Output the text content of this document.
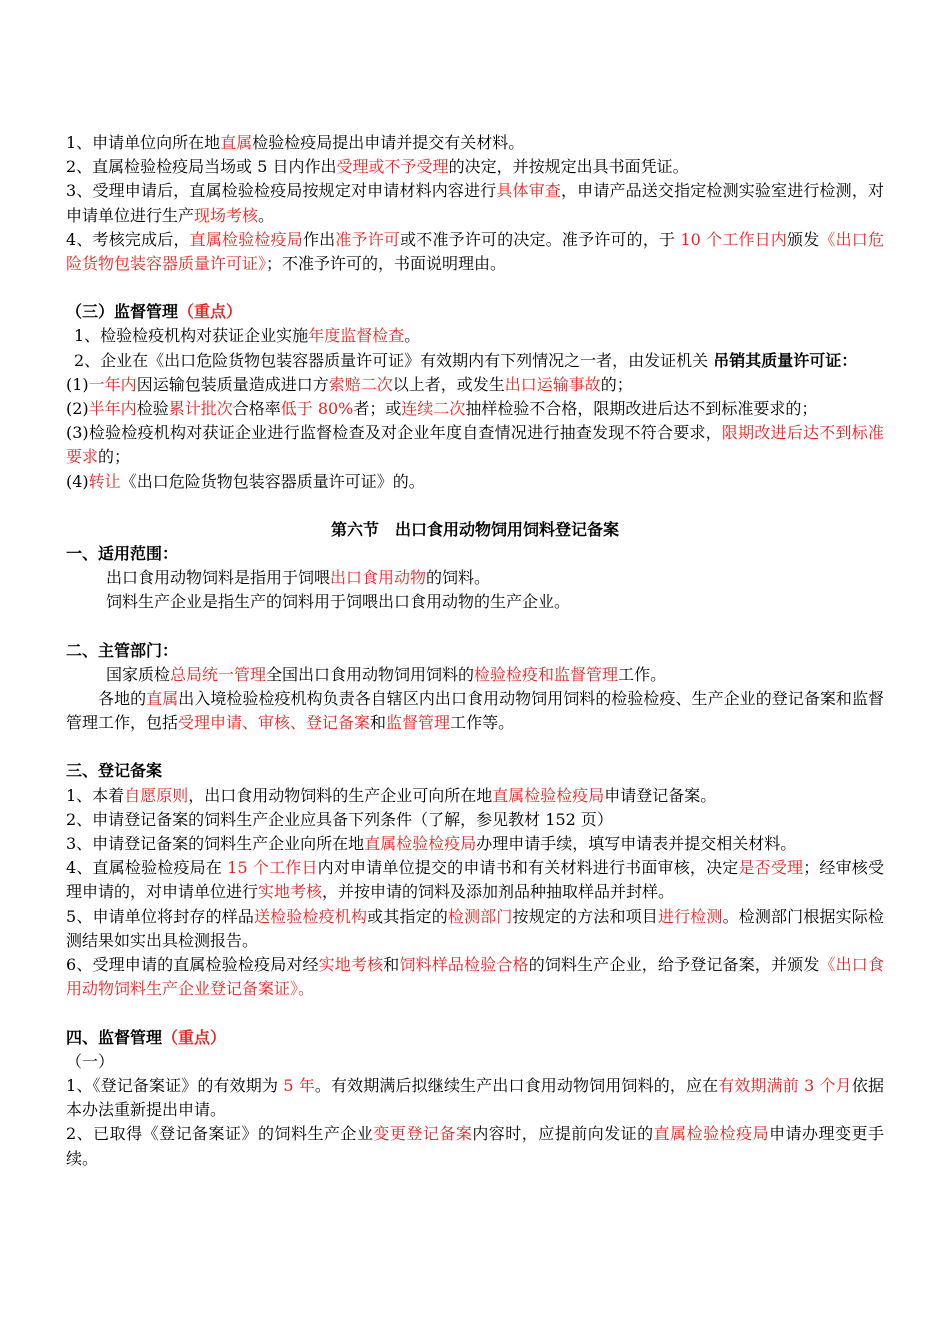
1、申请单位向所在地直属检验检疫局提出申请并提交有关材料。

2、直属检验检疫局当场或 5 日内作出受理或不予受理的决定，并按规定出具书面凭证。

3、受理申请后，直属检验检疫局按规定对申请材料内容进行具体审查，申请产品送交指定检测实验室进行检测，对申请单位进行生产现场考核。

4、考核完成后，直属检验检疫局作出准予许可或不准予许可的决定。准予许可的，于 10 个工作日内颁发《出口危险货物包装容器质量许可证》；不准予许可的，书面说明理由。

（三）监督管理（重点）

1、检验检疫机构对获证企业实施年度监督检查。

2、企业在《出口危险货物包装容器质量许可证》有效期内有下列情况之一者，由发证机关 吊销其质量许可证：

(1)一年内因运输包装质量造成进口方索赔二次以上者，或发生出口运输事故的；

(2)半年内检验累计批次合格率低于 80%者；或连续二次抽样检验不合格，限期改进后达不到标准要求的；

(3)检验检疫机构对获证企业进行监督检查及对企业年度自查情况进行抽查发现不符合要求，限期改进后达不到标准要求的；

(4)转让《出口危险货物包装容器质量许可证》的。

第六节　出口食用动物饲用饲料登记备案

一、适用范围：

出口食用动物饲料是指用于饲喂出口食用动物的饲料。

饲料生产企业是指生产的饲料用于饲喂出口食用动物的生产企业。

二、主管部门：

国家质检总局统一管理全国出口食用动物饲用饲料的检验检疫和监督管理工作。

　　各地的直属出入境检验检疫机构负责各自辖区内出口食用动物饲用饲料的检验检疫、生产企业的登记备案和监督管理工作，包括受理申请、审核、登记备案和监督管理工作等。

三、登记备案

1、本着自愿原则，出口食用动物饲料的生产企业可向所在地直属检验检疫局申请登记备案。

2、申请登记备案的饲料生产企业应具备下列条件（了解，参见教材 152 页）

3、申请登记备案的饲料生产企业向所在地直属检验检疫局办理申请手续，填写申请表并提交相关材料。

4、直属检验检疫局在 15 个工作日内对申请单位提交的申请书和有关材料进行书面审核，决定是否受理；经审核受理申请的，对申请单位进行实地考核，并按申请的饲料及添加剂品种抽取样品并封样。

5、申请单位将封存的样品送检验检疫机构或其指定的检测部门按规定的方法和项目进行检测。检测部门根据实际检测结果如实出具检测报告。

6、受理申请的直属检验检疫局对经实地考核和饲料样品检验合格的饲料生产企业，给予登记备案，并颁发《出口食用动物饲料生产企业登记备案证》。

四、监督管理（重点）

（一）

1、《登记备案证》的有效期为 5 年。有效期满后拟继续生产出口食用动物饲用饲料的，应在有效期满前 3 个月依据本办法重新提出申请。

2、已取得《登记备案证》的饲料生产企业变更登记备案内容时，应提前向发证的直属检验检疫局申请办理变更手续。
